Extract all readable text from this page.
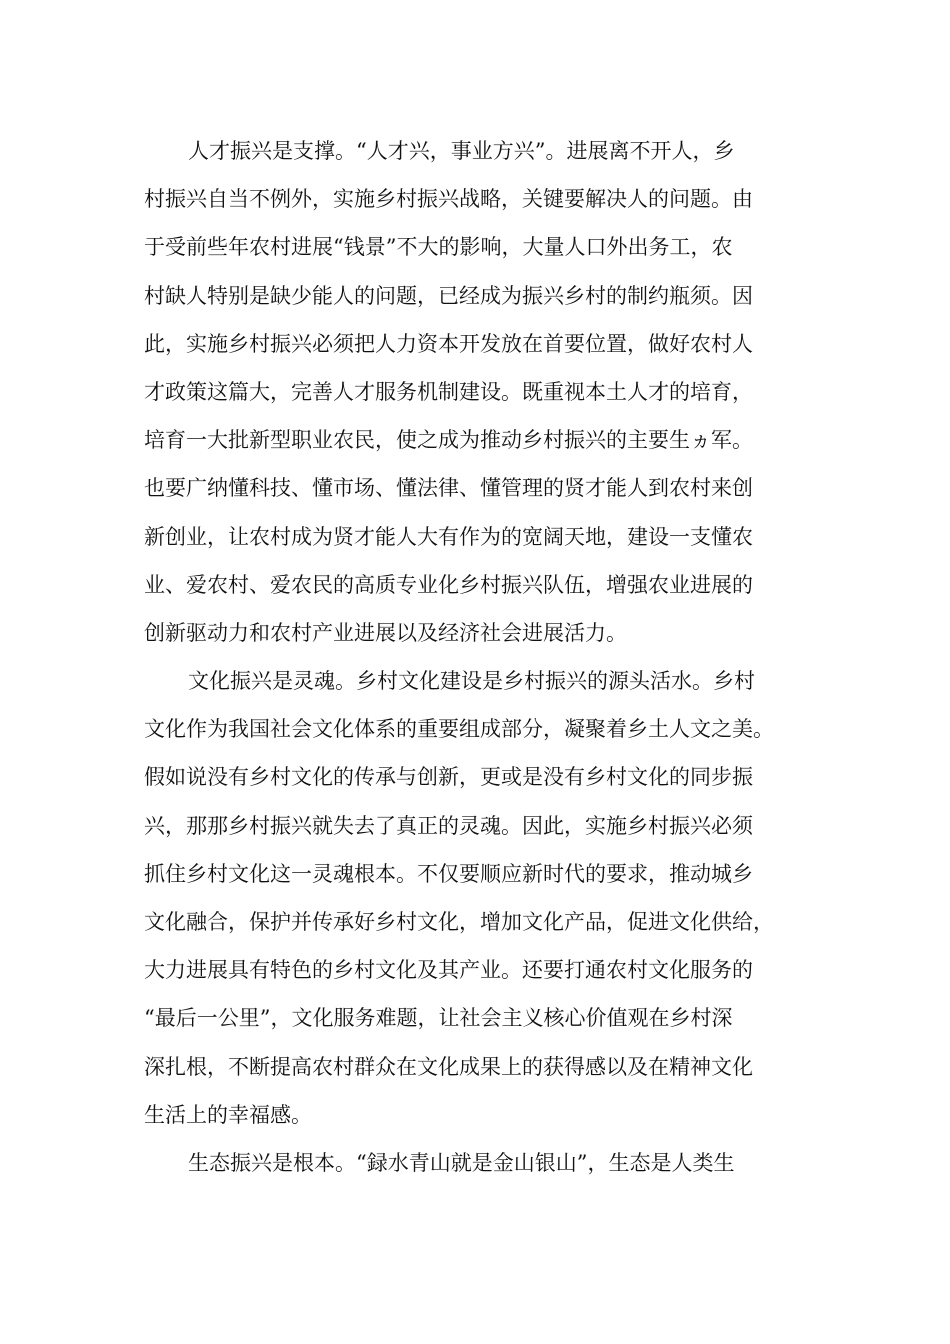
人才振兴是支撑。“人才兴，事业方兴”。进展离不开人，乡
村振兴自当不例外，实施乡村振兴战略，关键要解决人的问题。由
于受前些年农村进展“钱景”不大的影响，大量人口外出务工，农
村缺人特别是缺少能人的问题，已经成为振兴乡村的制约瓶须。因
此，实施乡村振兴必须把人力资本开发放在首要位置，做好农村人
才政策这篇大，完善人才服务机制建设。既重视本土人才的培育，
培育一大批新型职业农民，使之成为推动乡村振兴的主要生ヵ军。
也要广纳懂科技、懂市场、懂法律、懂管理的贤才能人到农村来创
新创业，让农村成为贤才能人大有作为的宽阔天地，建设一支懂农
业、爱农村、爱农民的高质专业化乡村振兴队伍，增强农业进展的
创新驱动力和农村产业进展以及经济社会进展活力。
文化振兴是灵魂。乡村文化建设是乡村振兴的源头活水。乡村
文化作为我国社会文化体系的重要组成部分，凝聚着乡土人文之美。
假如说没有乡村文化的传承与创新，更或是没有乡村文化的同步振
兴，那那乡村振兴就失去了真正的灵魂。因此，实施乡村振兴必须
抓住乡村文化这一灵魂根本。不仅要顺应新时代的要求，推动城乡
文化融合，保护并传承好乡村文化，增加文化产品，促进文化供给，
大力进展具有特色的乡村文化及其产业。还要打通农村文化服务的
“最后一公里”，文化服务难题，让社会主义核心价值观在乡村深
深扎根，不断提高农村群众在文化成果上的获得感以及在精神文化
生活上的幸福感。
生态振兴是根本。“録水青山就是金山银山”，生态是人类生
